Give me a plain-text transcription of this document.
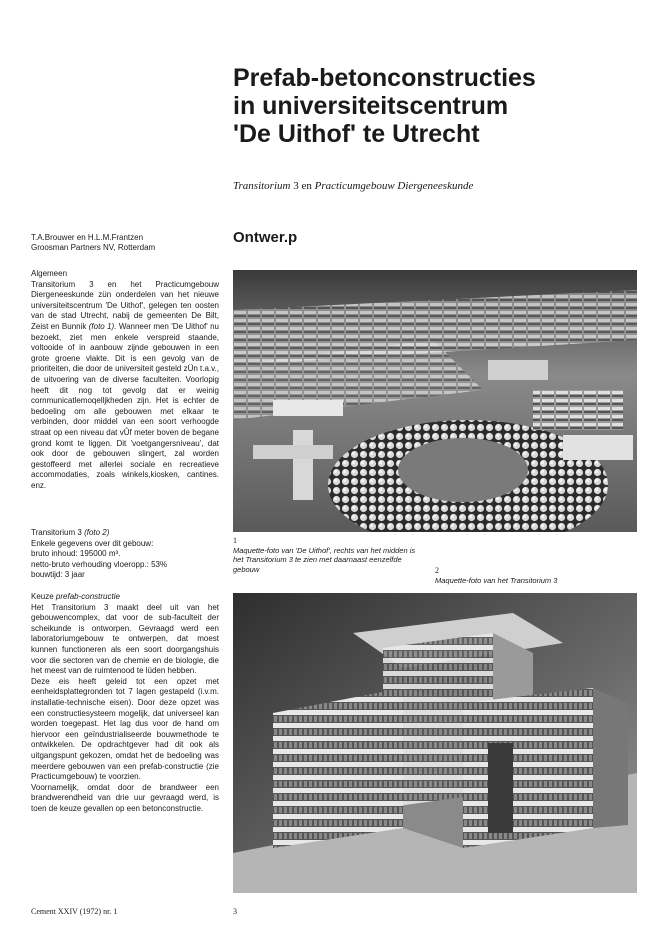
Prefab-betonconstructies
in universiteitscentrum
'De Uithof' te Utrecht
Transitorium 3 en Practicumgebouw Diergeneeskunde
T.A.Brouwer en H.L.M.Frantzen
Groosman Partners NV, Rotterdam
Ontwer.p

Algemeen

Transitorium 3 en het Practicumgebouw Diergeneeskunde zün onderdelen van het nieuwe universiteitscentrum 'De Uithof', gelegen ten oosten van de stad Utrecht, nabij de gemeenten De Bilt, Zeist en Bunnik (foto 1). Wanneer men 'De Uithof' nu bezoekt, ziet men enkele verspreid staande, voltooide of in aanbouw zijnde gebouwen in een grote groene vlakte. Dit is een gevolg van de prioriteiten, die door de universiteit gesteld zÜn t.a.v., de uitvoering van de diverse faculteiten. Voorlopig heeft dit nog tot gevolg dat er weinig cornmunicatlemoqelljkheden zijn. Het is echter de bedoeling om alle gebouwen met elkaar te verbinden, door middel van een soort verhoogde straat op een niveau dat vÛf meter boven de begane grond komt te liggen. Dit 'voetgangersniveau', dat ook door de gebouwen slingert, zal worden gestoffeerd met allerlei sociale en recreatieve accommodaties, zoals winkels,kiosken, cantines. enz.

Transitorium 3 (foto 2)

Enkele gegevens over dit gebouw:

bruto inhoud: 195000 m³.

netto-bruto verhouding vloeropp.: 53%

bouwtijd: 3 jaar

Keuze prefab-constructie

Het Transitorium 3 maakt deel uit van het gebouwencomplex, dat voor de sub-faculteit der scheikunde is ontworpen. Gevraagd werd een laboratoriumgebouw te ontwerpen, dat moest kunnen functioneren als een soort doorgangshuis voor die sectoren van de chemie en de biologie, die het meest van de ruimtenood te lüden hebben.

Deze eis heeft geleid tot een opzet met eenheidsplattegronden tot 7 lagen gestapeld (i.v.m. installatie-technische eisen). Door deze opzet was een constructiesysteem mogelijk, dat universeel kan worden toegepast. Het lag dus voor de hand om hiervoor een geïndustrialiseerde bouwmethode te ontwikkelen. De opdrachtgever had dit ook als uitgangspunt gekozen, omdat het de bedoeling was meerdere gebouwen van een prefab-constructie (zie Practicumgebouw) te voorzien.

Voornamelijk, omdat door de brandweer een brandwerendheid van drie uur gevraagd werd, is toen de keuze gevallen op een betonconstructie.

1
Maquette-foto van 'De Uithof', rechts van het midden is het Transitorium 3 te zien met daarnaast eenzelfde gebouw	2
Maquette-foto van het Transitorium 3
Cement XXIV (1972) nr. 1	3
